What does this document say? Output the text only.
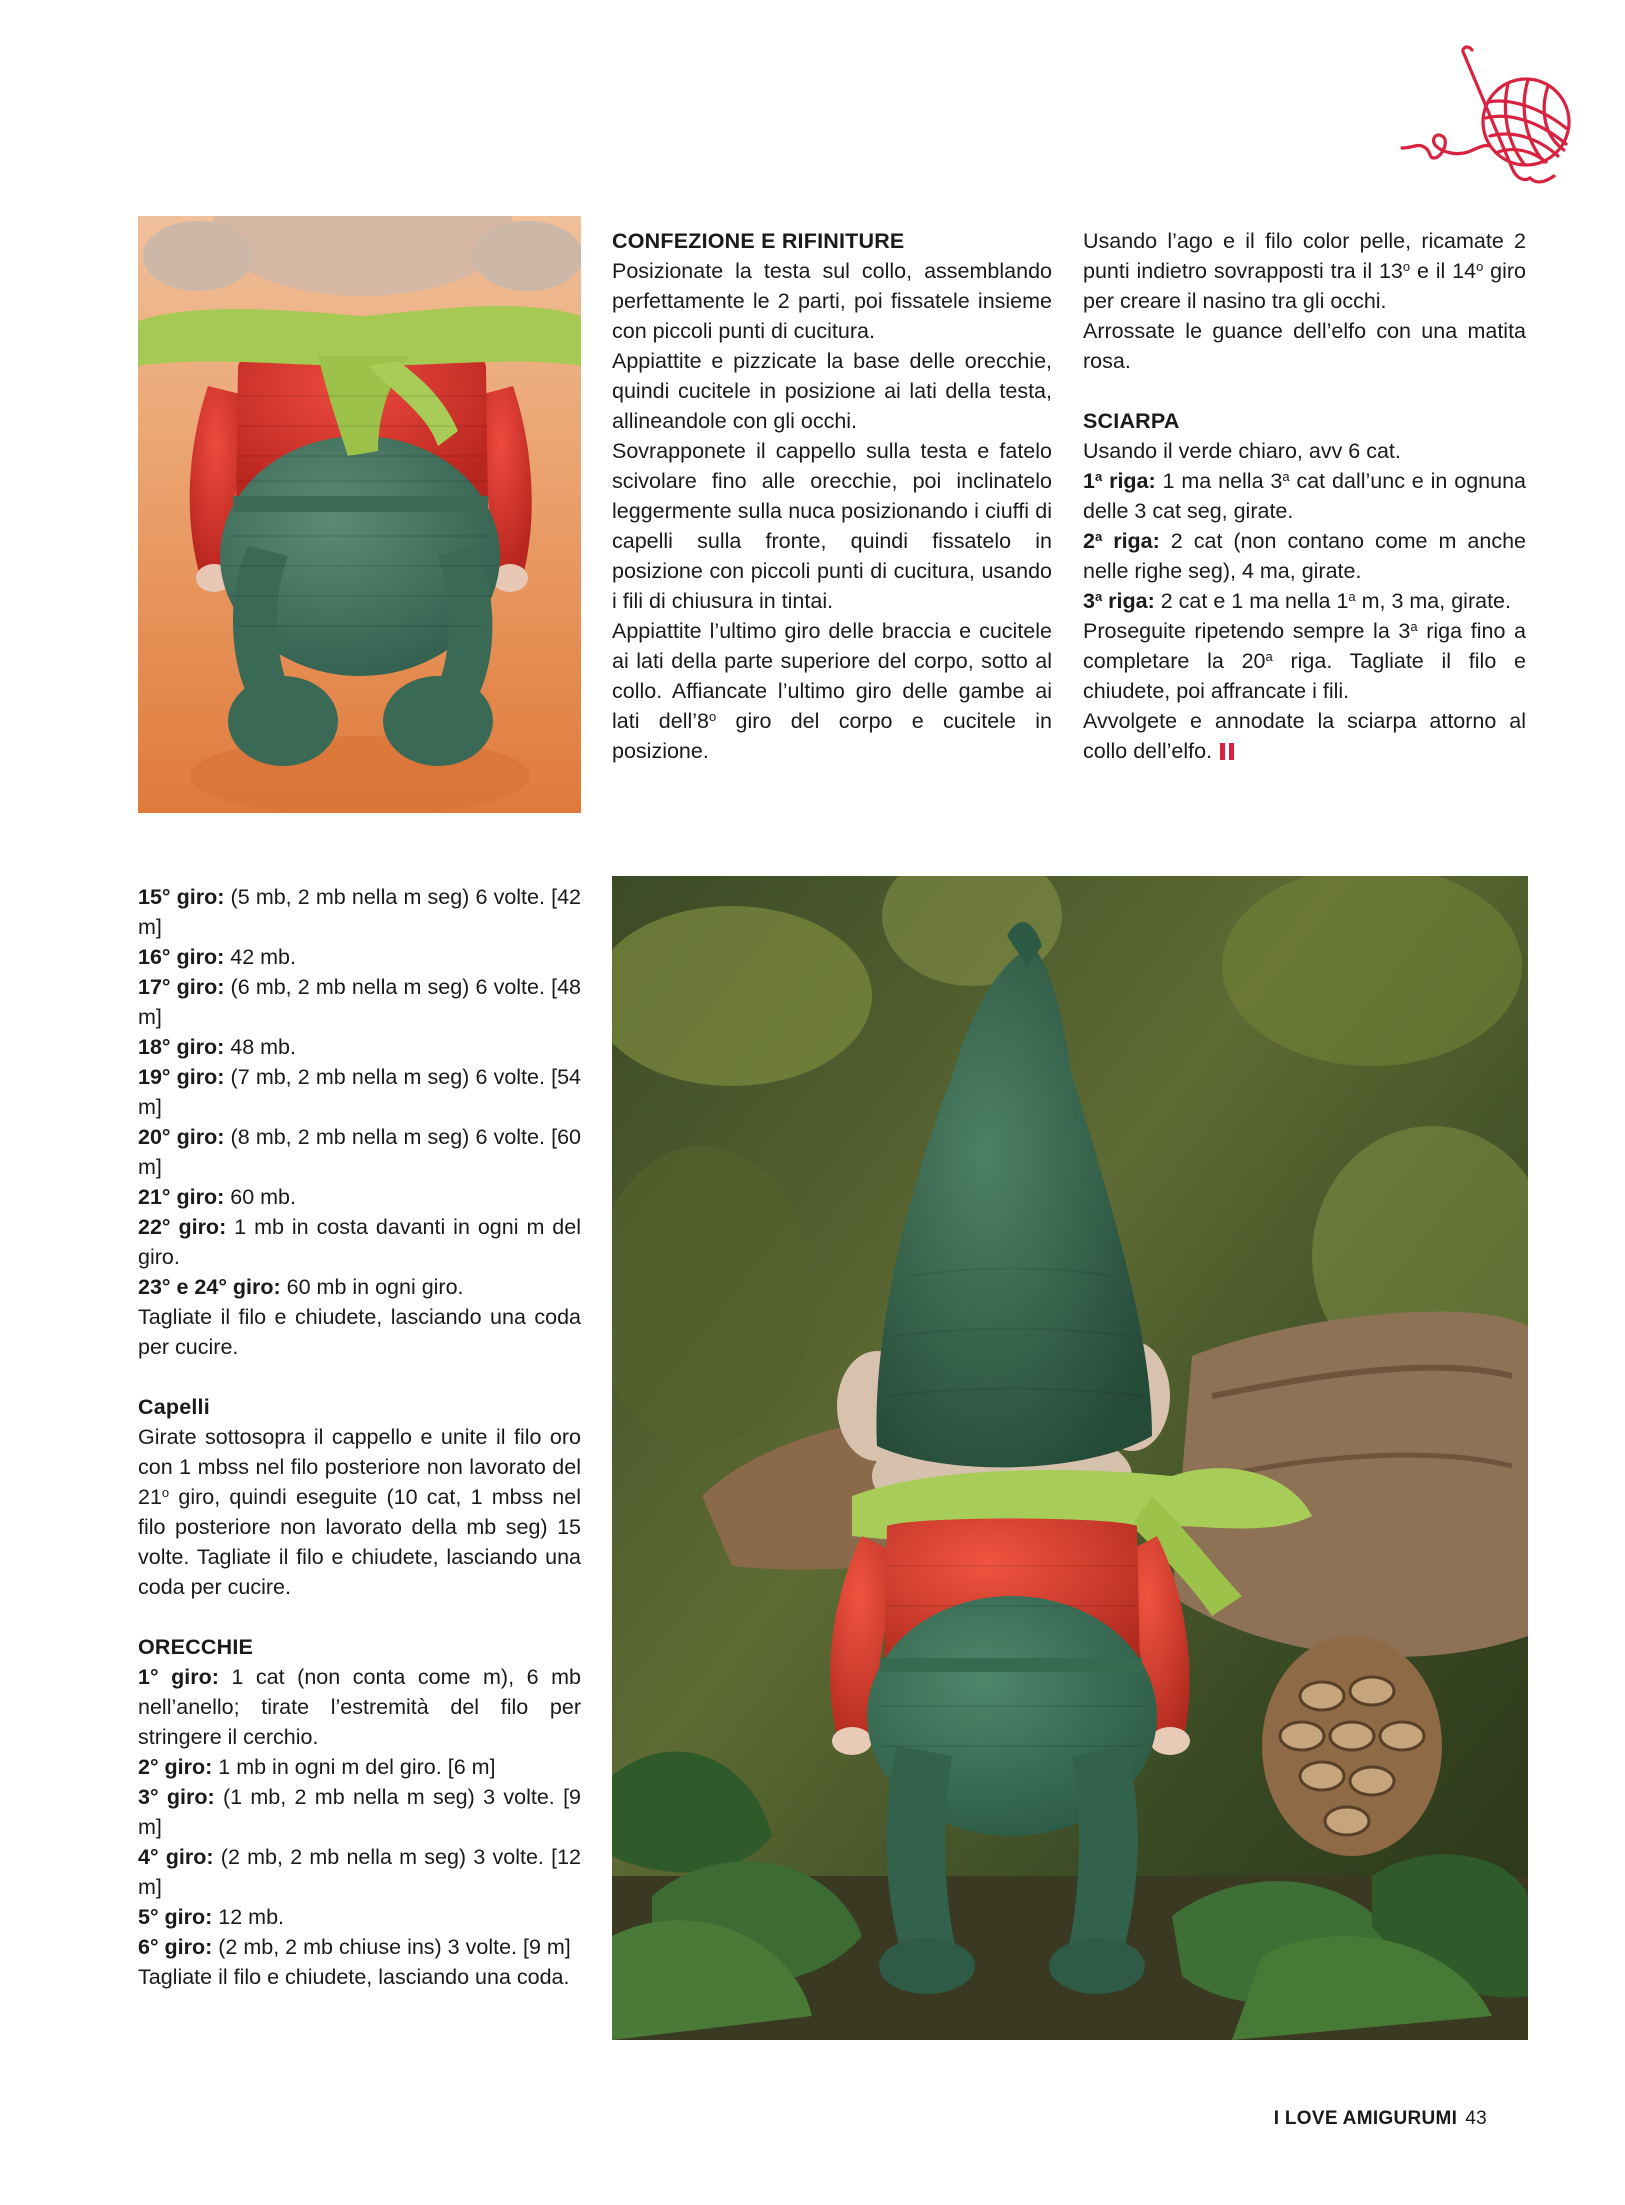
CONFEZIONE E RIFINITURE

Posizionate la testa sul collo, assemblando perfettamente le 2 parti, poi fissatele insieme con piccoli punti di cucitura.

Appiattite e pizzicate la base delle orecchie, quindi cucitele in posizione ai lati della testa, allineandole con gli occhi.

Sovrapponete il cappello sulla testa e fatelo scivolare fino alle orecchie, poi inclinatelo leggermente sulla nuca posizionando i ciuffi di capelli sulla fronte, quindi fissatelo in posizione con piccoli punti di cucitura, usando i fili di chiusura in tintai.

Appiattite l’ultimo giro delle braccia e cucitele ai lati della parte superiore del corpo, sotto al collo. Affiancate l’ultimo giro delle gambe ai lati dell’8$^o$ giro del corpo e cucitele in posizione.

Usando l’ago e il filo color pelle, ricamate 2 punti indietro sovrapposti tra il 13$^o$ e il 14$^o$ giro per creare il nasino tra gli occhi.

Arrossate le guance dell’elfo con una matita rosa.

SCIARPA

Usando il verde chiaro, avv 6 cat.

1$^a$ riga: 1 ma nella 3$^a$ cat dall’unc e in ognuna delle 3 cat seg, girate.

2$^a$ riga: 2 cat (non contano come m anche nelle righe seg), 4 ma, girate.

3$^a$ riga: 2 cat e 1 ma nella 1$^a$ m, 3 ma, girate.

Proseguite ripetendo sempre la 3$^a$ riga fino a completare la 20$^a$ riga. Tagliate il filo e chiudete, poi affrancate i fili.

Avvolgete e annodate la sciarpa attorno al collo dell’elfo.

15° giro: (5 mb, 2 mb nella m seg) 6 volte. [42 m]

16° giro: 42 mb.

17° giro: (6 mb, 2 mb nella m seg) 6 volte. [48 m]

18° giro: 48 mb.

19° giro: (7 mb, 2 mb nella m seg) 6 volte. [54 m]

20° giro: (8 mb, 2 mb nella m seg) 6 volte. [60 m]

21° giro: 60 mb.

22° giro: 1 mb in costa davanti in ogni m del giro.

23° e 24° giro: 60 mb in ogni giro.

Tagliate il filo e chiudete, lasciando una coda per cucire.

Capelli

Girate sottosopra il cappello e unite il filo oro con 1 mbss nel filo posteriore non lavorato del 21$^o$ giro, quindi eseguite (10 cat, 1 mbss nel filo posteriore non lavorato della mb seg) 15 volte. Tagliate il filo e chiudete, lasciando una coda per cucire.

ORECCHIE

1° giro: 1 cat (non conta come m), 6 mb nell’anello; tirate l’estremità del filo per stringere il cerchio.

2° giro: 1 mb in ogni m del giro. [6 m]

3° giro: (1 mb, 2 mb nella m seg) 3 volte. [9 m]

4° giro: (2 mb, 2 mb nella m seg) 3 volte. [12 m]

5° giro: 12 mb.

6° giro: (2 mb, 2 mb chiuse ins) 3 volte. [9 m]

Tagliate il filo e chiudete, lasciando una coda.

I LOVE AMIGURUMI 43
